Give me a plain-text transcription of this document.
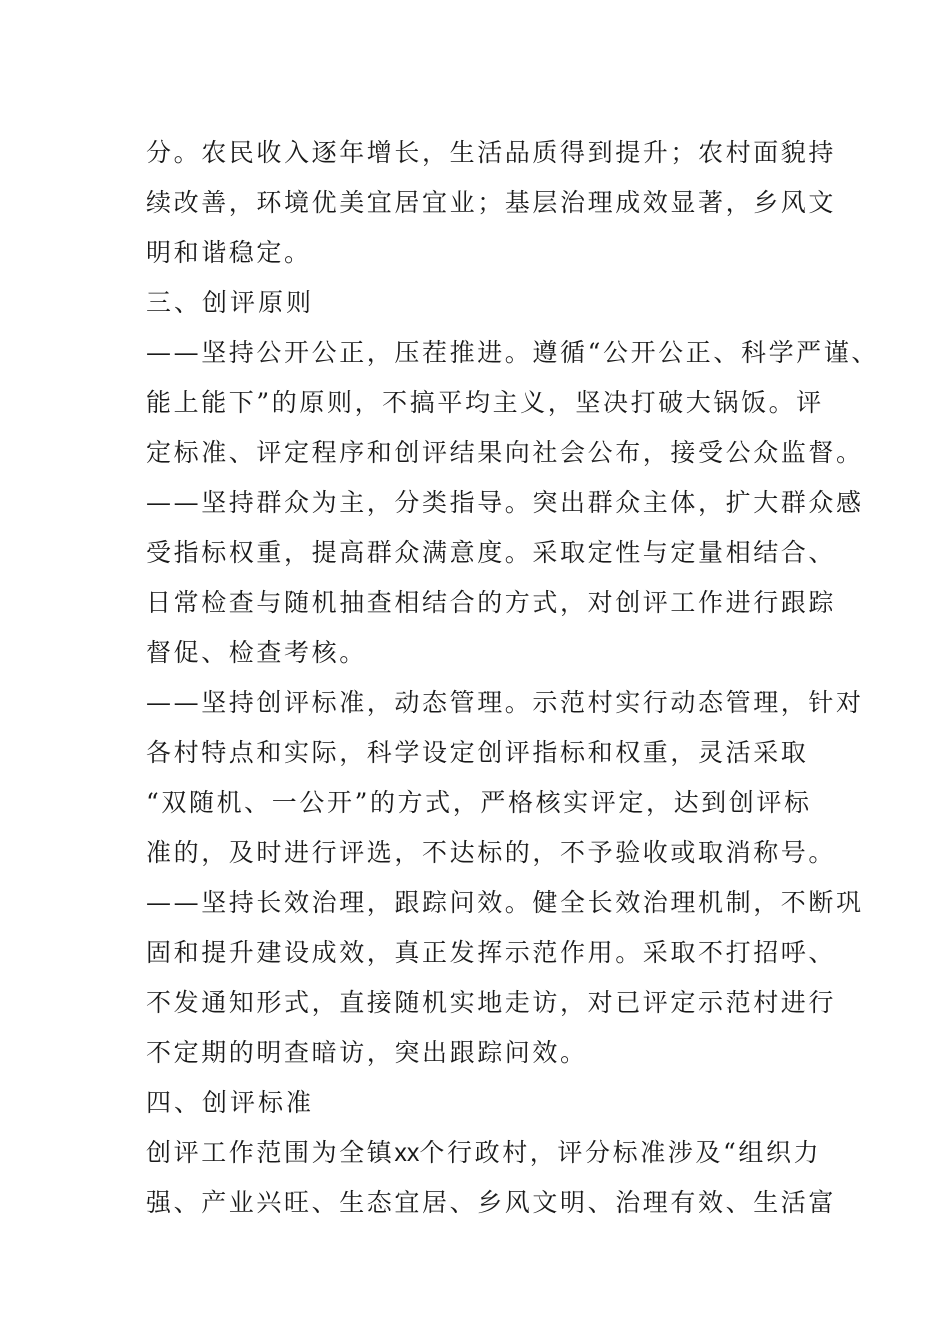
分。农民收入逐年增长，生活品质得到提升；农村面貌持
续改善，环境优美宜居宜业；基层治理成效显著，乡风文
明和谐稳定。
三、创评原则
——坚持公开公正，压茬推进。遵循“公开公正、科学严谨、
能上能下”的原则，不搞平均主义，坚决打破大锅饭。评
定标准、评定程序和创评结果向社会公布，接受公众监督。
——坚持群众为主，分类指导。突出群众主体，扩大群众感
受指标权重，提高群众满意度。采取定性与定量相结合、
日常检查与随机抽查相结合的方式，对创评工作进行跟踪
督促、检查考核。
——坚持创评标准，动态管理。示范村实行动态管理，针对
各村特点和实际，科学设定创评指标和权重，灵活采取
“双随机、一公开”的方式，严格核实评定，达到创评标
准的，及时进行评选，不达标的，不予验收或取消称号。
——坚持长效治理，跟踪问效。健全长效治理机制，不断巩
固和提升建设成效，真正发挥示范作用。采取不打招呼、
不发通知形式，直接随机实地走访，对已评定示范村进行
不定期的明查暗访，突出跟踪问效。
四、创评标准
创评工作范围为全镇xx个行政村，评分标准涉及“组织力
强、产业兴旺、生态宜居、乡风文明、治理有效、生活富
